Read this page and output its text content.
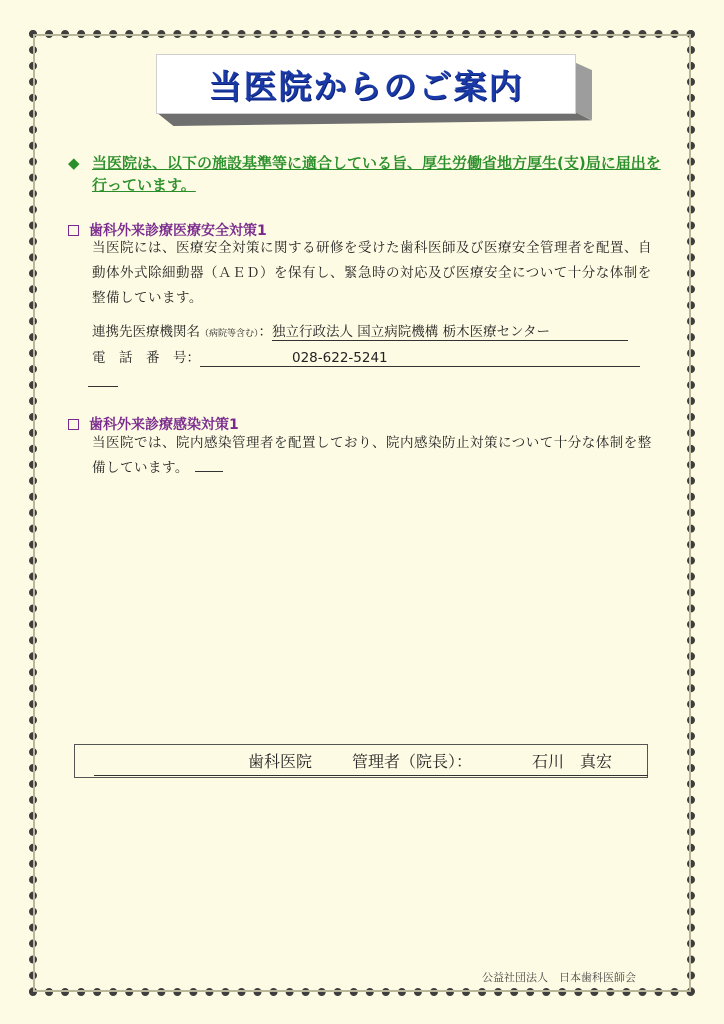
当医院からのご案内
◆ 当医院は、以下の施設基準等に適合している旨、厚生労働省地方厚生(支)局に届出を行っています。
歯科外来診療医療安全対策1
当医院には、医療安全対策に関する研修を受けた歯科医師及び医療安全管理者を配置、自動体外式除細動器（ＡＥＤ）を保有し、緊急時の対応及び医療安全について十分な体制を整備しています。
連携先医療機関名（病院等含む）：独立行政法人 国立病院機構 栃木医療センター
電　話　番　号：	028-622-5241
歯科外来診療感染対策1
当医院では、院内感染管理者を配置しており、院内感染防止対策について十分な体制を整備しています。
歯科医院 管理者（院長）：	石川　真宏
公益社団法人　日本歯科医師会
